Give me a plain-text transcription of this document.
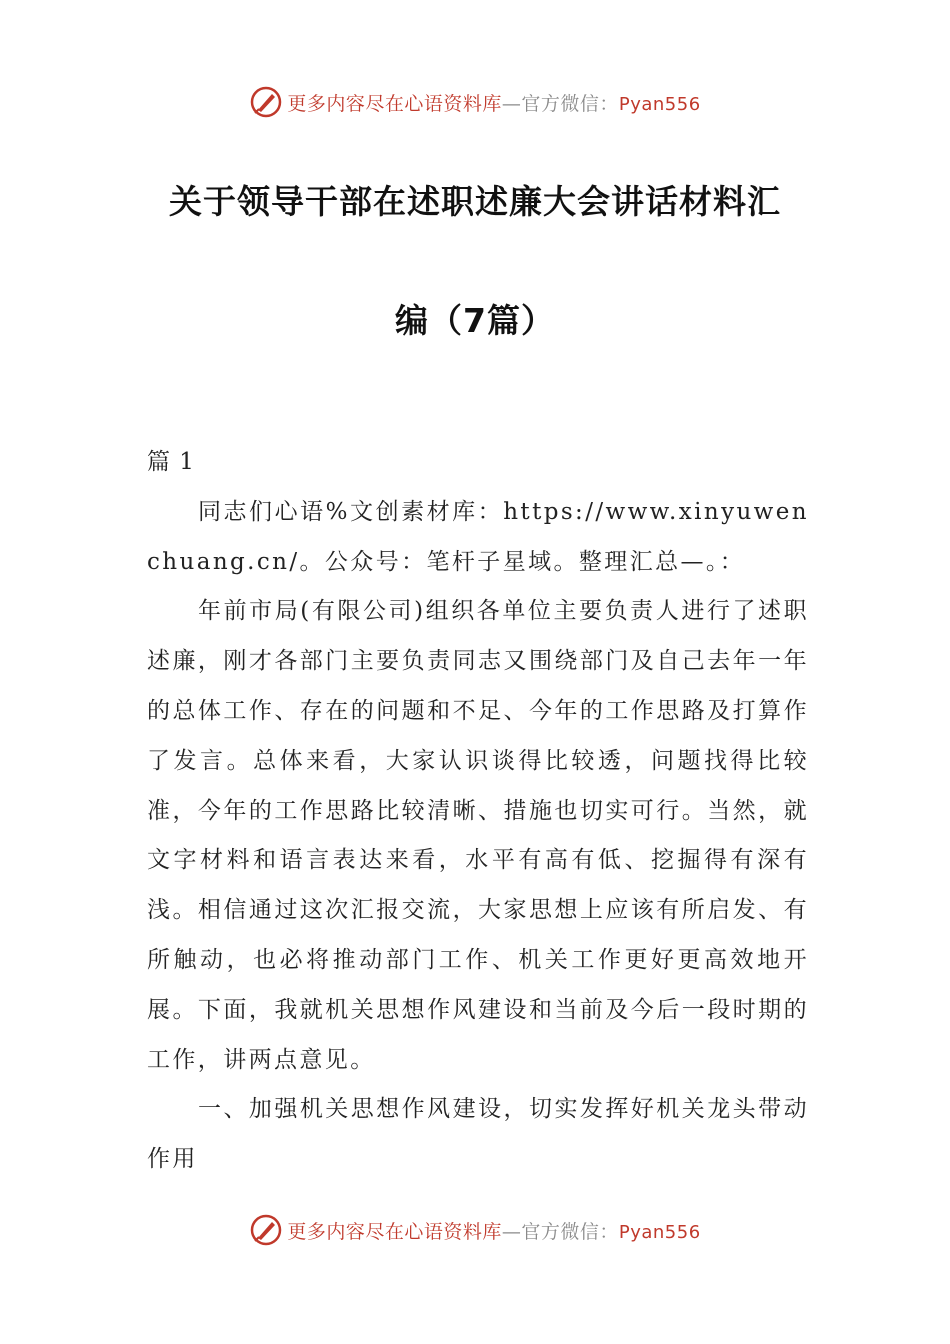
更多内容尽在心语资料库—官方微信：Pyan556
关于领导干部在述职述廉大会讲话材料汇
编（7篇）

篇 1

同志们心语%文创素材库：https://www.xinyuwenchuang.cn/。公众号：笔杆子星域。整理汇总—。：

年前市局(有限公司)组织各单位主要负责人进行了述职述廉，刚才各部门主要负责同志又围绕部门及自己去年一年的总体工作、存在的问题和不足、今年的工作思路及打算作了发言。总体来看，大家认识谈得比较透，问题找得比较准，今年的工作思路比较清晰、措施也切实可行。当然，就文字材料和语言表达来看，水平有高有低、挖掘得有深有浅。相信通过这次汇报交流，大家思想上应该有所启发、有所触动，也必将推动部门工作、机关工作更好更高效地开展。下面，我就机关思想作风建设和当前及今后一段时期的工作，讲两点意见。

一、加强机关思想作风建设，切实发挥好机关龙头带动作用

更多内容尽在心语资料库—官方微信：Pyan556
